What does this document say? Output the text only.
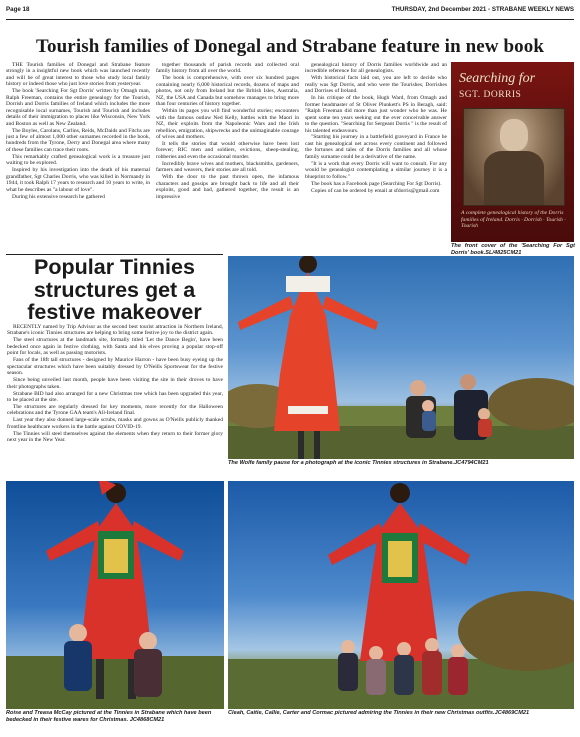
Page 18	THURSDAY, 2nd December 2021 - STRABANE WEEKLY NEWS
Tourish families of Donegal and Strabane feature in new book

THE Tourish families of Donegal and Strabane feature strongly in a insightful new book which was launched recently and will be of great interest to those who study local family history or indeed those who just love stories from yesteryear.

The book 'Searching For Sgt Dorris' written by Omagh man, Ralph Freeman, contains the entire genealogy for the Tourish, Dorrish and Dorris families of Ireland which includes the more recognisable local surnames, Tourish and Tourish and includes details of their immigration to places like Wisconsin, New York and Boston as well as New Zealand.

The Boyles, Carolans, Carlins, Reids, McDaids and Fitchs are just a few of almost 1,000 other surnames recorded in the book, hundreds from the Tyrone, Derry and Donegal area where many of these families can trace their roots.

This remarkably crafted genealogical work is a treasure just waiting to be explored.

Inspired by his investigation into the death of his maternal grandfather, Sgt Charles Dorris, who was killed in Normandy in 1944, it took Ralph 17 years to research and 10 years to write, in what he describes as "a labour of love".

During his extensive research he gathered

together thousands of parish records and collected oral family history from all over the world.

The book is comprehensive, with over six hundred pages containing nearly 6,000 historical records, dozens of maps and photos, not only from Ireland but the British Isles, Australia, NZ, the USA and Canada but somehow manages to bring more than four centuries of history together.

Within its pages you will find wonderful stories; encounters with the famous outlaw Ned Kelly, battles with the Maori in NZ, their exploits from the Napoleonic Wars and the Irish rebellion, emigration, shipwrecks and the unimaginable courage of wives and mothers.

It tells the stories that would otherwise have been lost forever; RIC men and soldiers, evictions, sheep-stealing, robberies and even the occasional murder.

Incredibly brave wives and mothers, blacksmiths, gardeners, farmers and weavers, their stories are all told.

With the door to the past thrown open, the infamous characters and gossips are brought back to life and all their exploits, good and bad, gathered together, the result is an impressive

genealogical history of Dorris families worldwide and an incredible reference for all genealogists.

With historical facts laid out, you are left to decide who really was Sgt Dorris, and who were the Tourishes, Dorrishes and Dorrises of Ireland.

In his critique of the book, Hugh Ward, from Omagh and former headmaster of St Oliver Plunkett's PS in Beragh, said: "Ralph Freeman did more than just wonder who he was. He spent some ten years seeking out the ever conceivable answer to the question. "Searching for Sergeant Dorris " is the result of his talented endeavours.

"Starting his journey in a battlefield graveyard in France he cast his genealogical net across every continent and followed the fortunes and tales of the Dorris families and all whose family surname could be a derivative of the name.

"It is a work that every Dorris will want to consult. For any would be genealogist contemplating a similar journey it is a blueprint to follow."

The book has a Facebook page (Searching For Sgt Dorris).

Copies of can be ordered by email at sfdorris@gmail.com

Searching for
SGT. DORRIS
A complete genealogical history of the Dorris families of Ireland. Dorris · Dorrish · Tourish · Tourish
The front cover of the 'Searching For Sgt Dorris' book.SL/4825CM21
Popular Tinnies
structures get a
festive makeover

RECENTLY named by Trip Advisor as the second best tourist attraction in Northern Ireland, Strabane's iconic Tinnies structures are helping to bring some festive joy to the district again.

The steel structures at the landmark site, formally titled 'Let the Dance Begin', have been bedecked once again in festive clothing, with Santa and his elves proving a popular stop-off point for locals, as well as passing motorists.

Fans of the 18ft tall structures - designed by Maurice Harron - have been busy eyeing up the spectacular structures which have been suitably dressed by O'Neills Sportswear for the festive season.

Since being unveiled last month, people have been visiting the site in their droves to have their photographs taken.

Strabane BID had also arranged for a new Christmas tree which has been upgraded this year, to be placed at the site.

The structures are regularly dressed for key moments, more recently for the Halloween celebrations and the Tyrone GAA team's All-Ireland final.

Last year they also donned large-scale scrubs, masks and gowns as O'Neills publicly thanked frontline healthcare workers in the battle against COVID-19.

The Tinnies will steel themselves against the elements when they return to their former glory next year in the New Year.

The Wolfe family pause for a photograph at the iconic Tinnies structures in Strabane.JC4794CM21
Roise and Treasa McCay pictured at the Tinnies in Strabane which have been bedecked in their festive wares for Christmas. JC4868CM21
Cleah, Caitie, Callie, Carter and Cormac pictured admiring the Tinnies in their new Christmas outfits.JC4869CM21
